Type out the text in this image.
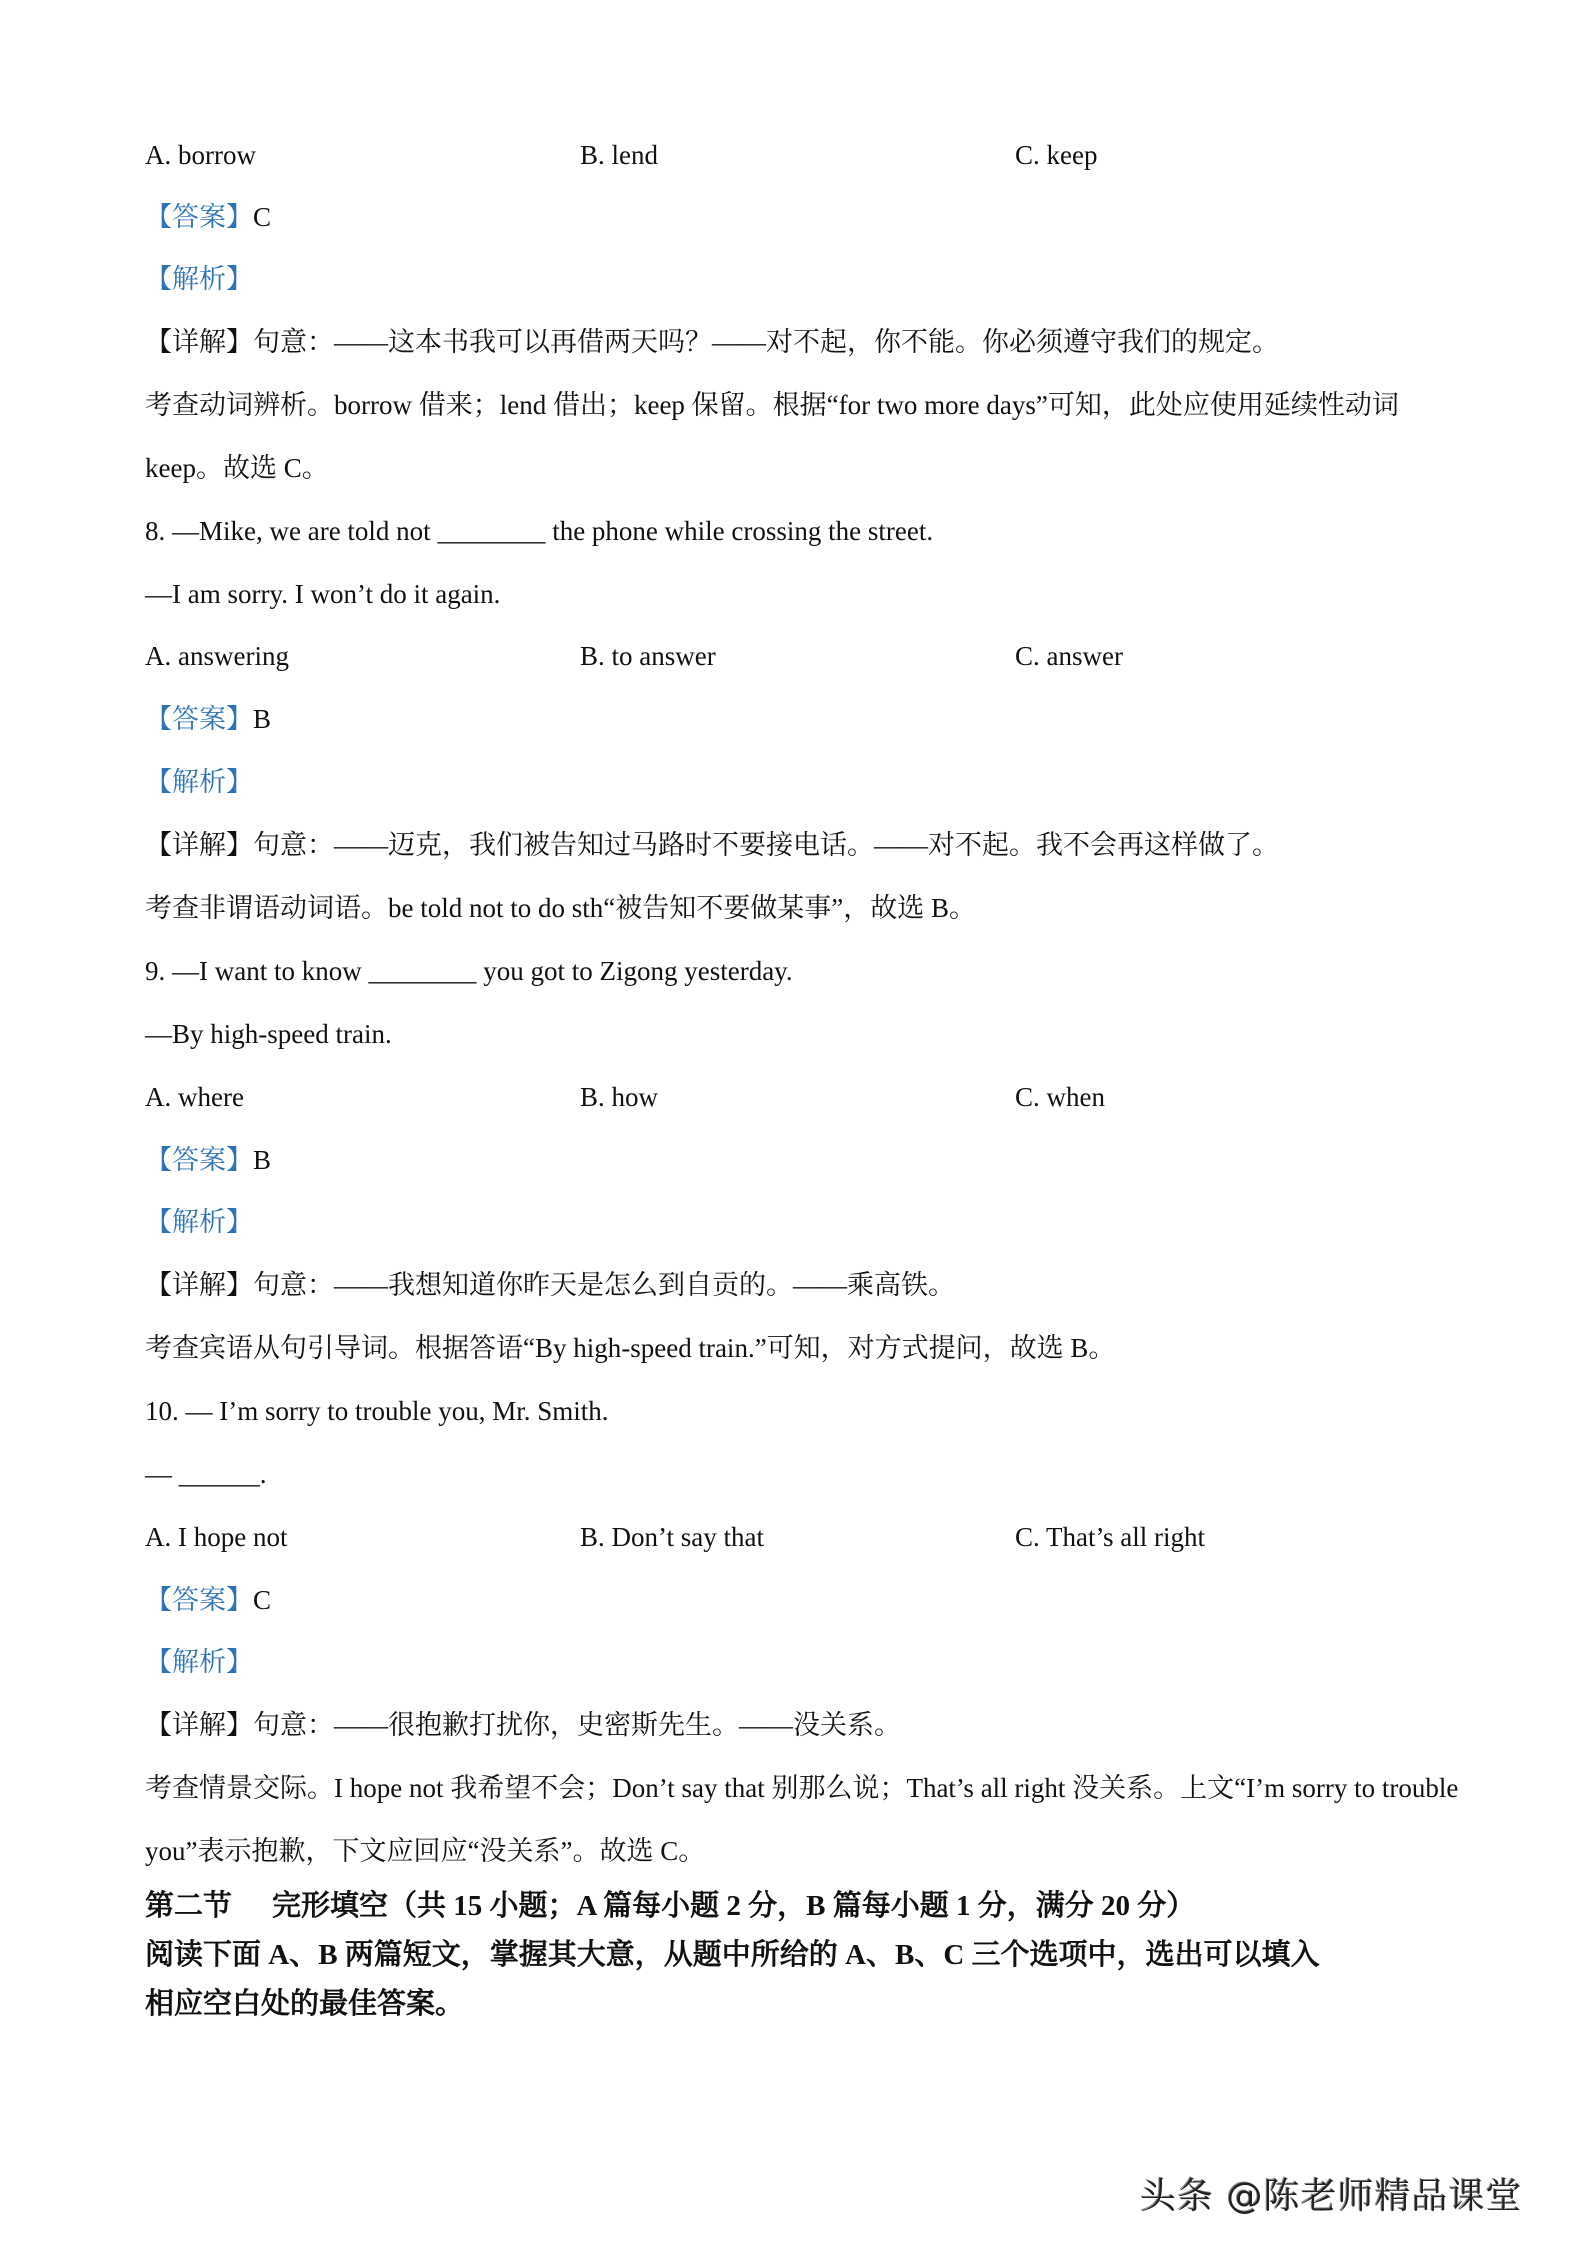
A. borrow	B. lend	C. keep
【答案】C
【解析】
【详解】句意：——这本书我可以再借两天吗？——对不起，你不能。你必须遵守我们的规定。
考查动词辨析。borrow 借来；lend 借出；keep 保留。根据“for two more days”可知，此处应使用延续性动词
keep。故选 C。
8. —Mike, we are told not ________ the phone while crossing the street.
—I am sorry. I won’t do it again.
A. answering	B. to answer	C. answer
【答案】B
【解析】
【详解】句意：——迈克，我们被告知过马路时不要接电话。——对不起。我不会再这样做了。
考查非谓语动词语。be told not to do sth“被告知不要做某事”，故选 B。
9. —I want to know ________ you got to Zigong yesterday.
—By high-speed train.
A. where	B. how	C. when
【答案】B
【解析】
【详解】句意：——我想知道你昨天是怎么到自贡的。——乘高铁。
考查宾语从句引导词。根据答语“By high-speed train.”可知，对方式提问，故选 B。
10. — I’m sorry to trouble you, Mr. Smith.
— ______.
A. I hope not	B. Don’t say that	C. That’s all right
【答案】C
【解析】
【详解】句意：——很抱歉打扰你，史密斯先生。——没关系。
考查情景交际。I hope not 我希望不会；Don’t say that 别那么说；That’s all right 没关系。上文“I’m sorry to trouble
you”表示抱歉，下文应回应“没关系”。故选 C。
第二节 完形填空（共 15 小题；A 篇每小题 2 分，B 篇每小题 1 分，满分 20 分）
阅读下面 A、B 两篇短文，掌握其大意，从题中所给的 A、B、C 三个选项中，选出可以填入
相应空白处的最佳答案。
头条 @陈老师精品课堂
